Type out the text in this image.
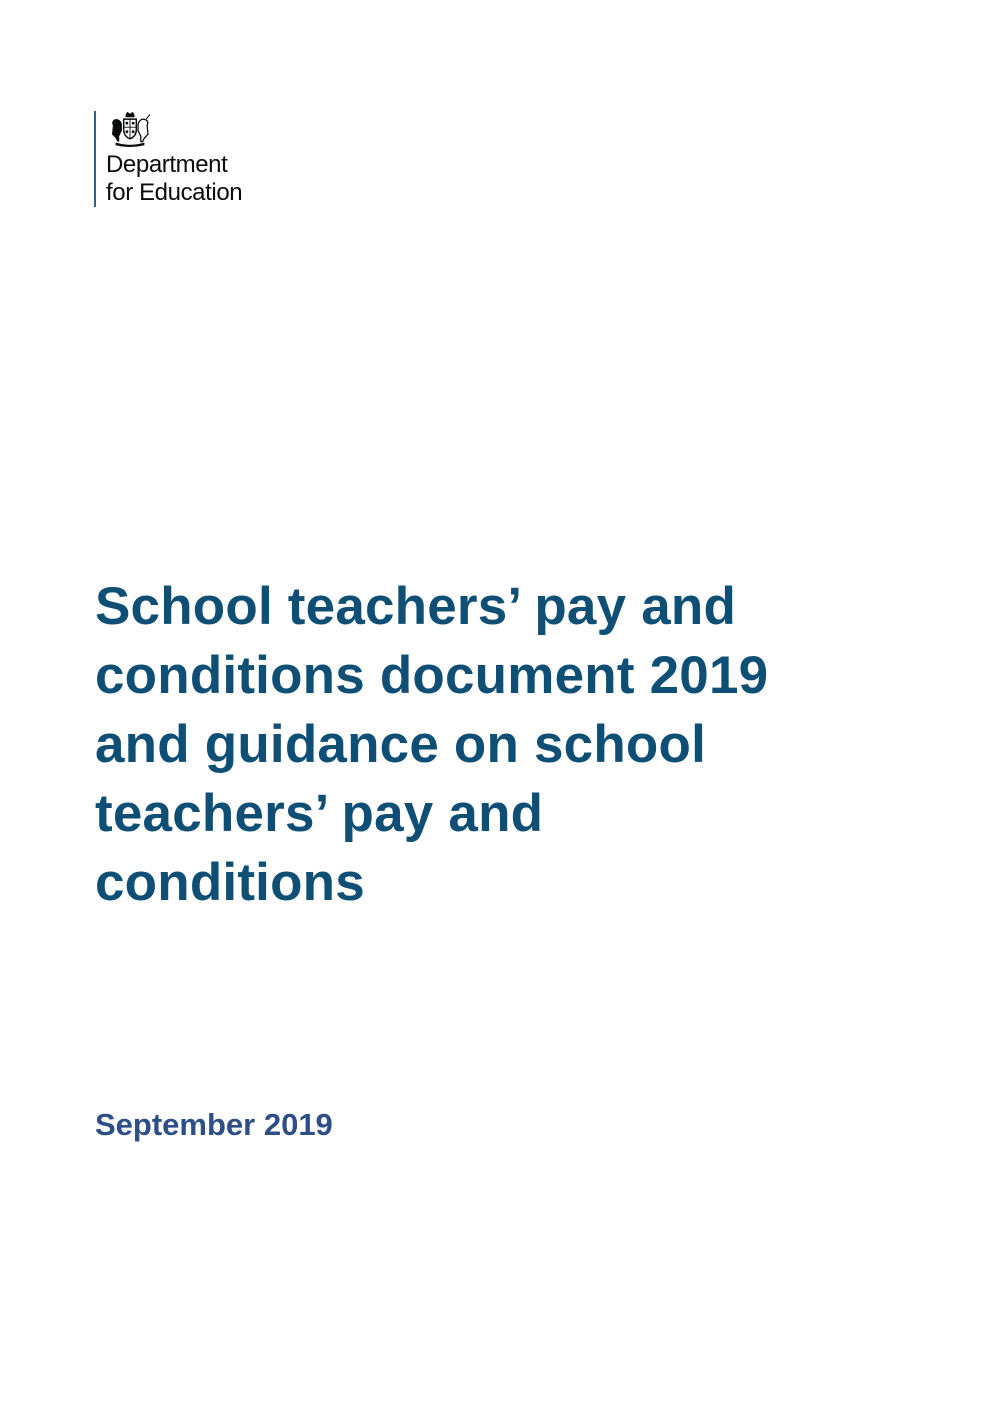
Department
for Education
School teachers’ pay and
conditions document 2019
and guidance on school
teachers’ pay and
conditions

September 2019
